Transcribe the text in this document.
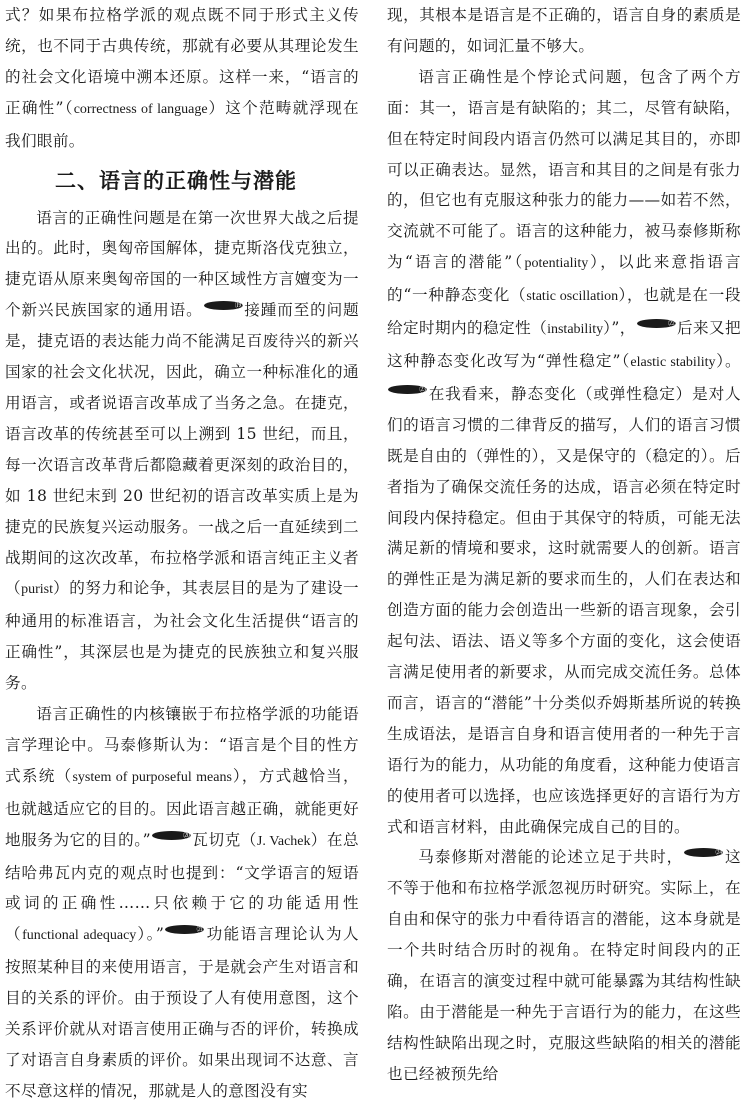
式？如果布拉格学派的观点既不同于形式主义传统，也不同于古典传统，那就有必要从其理论发生的社会文化语境中溯本还原。这样一来，“语言的正确性”（correctness of language）这个范畴就浮现在我们眼前。

二、语言的正确性与潜能

语言的正确性问题是在第一次世界大战之后提出的。此时，奥匈帝国解体，捷克斯洛伐克独立，捷克语从原来奥匈帝国的一种区域性方言嬗变为一个新兴民族国家的通用语。	⑲接踵而至的问题是，捷克语的表达能力尚不能满足百废待兴的新兴国家的社会文化状况，因此，确立一种标准化的通用语言，或者说语言改革成了当务之急。在捷克，语言改革的传统甚至可以上溯到 15 世纪，而且，每一次语言改革背后都隐藏着更深刻的政治目的，如 18 世纪末到 20 世纪初的语言改革实质上是为捷克的民族复兴运动服务。一战之后一直延续到二战期间的这次改革，布拉格学派和语言纯正主义者（purist）的努力和论争，其表层目的是为了建设一种通用的标准语言，为社会文化生活提供“语言的正确性”，其深层也是为捷克的民族独立和复兴服务。

语言正确性的内核镶嵌于布拉格学派的功能语言学理论中。马泰修斯认为：“语言是个目的性方式系统（system of purposeful means），方式越恰当，也就越适应它的目的。因此语言越正确，就能更好地服务为它的目的。”	⑳瓦切克（J. Vachek）在总结哈弗瓦内克的观点时也提到：“文学语言的短语或词的正确性……只依赖于它的功能适用性（functional adequacy）。”	$^㉑$功能语言理论认为人按照某种目的来使用语言，于是就会产生对语言和目的关系的评价。由于预设了人有使用意图，这个关系评价就从对语言使用正确与否的评价，转换成了对语言自身素质的评价。如果出现词不达意、言不尽意这样的情况，那就是人的意图没有实

现，其根本是语言是不正确的，语言自身的素质是有问题的，如词汇量不够大。

语言正确性是个悖论式问题，包含了两个方面：其一，语言是有缺陷的；其二，尽管有缺陷，但在特定时间段内语言仍然可以满足其目的，亦即可以正确表达。显然，语言和其目的之间是有张力的，但它也有克服这种张力的能力——如若不然，交流就不可能了。语言的这种能力，被马泰修斯称为“语言的潜能”（potentiality），以此来意指语言的“一种静态变化（static oscillation），也就是在一段给定时期内的稳定性（instability）”，	$^㉒$后来又把这种静态变化改写为“弹性稳定”（elastic stability）。$^㉓$在我看来，静态变化（或弹性稳定）是对人们的语言习惯的二律背反的描写，人们的语言习惯既是自由的（弹性的），又是保守的（稳定的）。后者指为了确保交流任务的达成，语言必须在特定时间段内保持稳定。但由于其保守的特质，可能无法满足新的情境和要求，这时就需要人的创新。语言的弹性正是为满足新的要求而生的，人们在表达和创造方面的能力会创造出一些新的语言现象，会引起句法、语法、语义等多个方面的变化，这会使语言满足使用者的新要求，从而完成交流任务。总体而言，语言的“潜能”十分类似乔姆斯基所说的转换生成语法，是语言自身和语言使用者的一种先于言语行为的能力，从功能的角度看，这种能力使语言的使用者可以选择，也应该选择更好的言语行为方式和语言材料，由此确保完成自己的目的。

马泰修斯对潜能的论述立足于共时，	$^㉔$这不等于他和布拉格学派忽视历时研究。实际上，在自由和保守的张力中看待语言的潜能，这本身就是一个共时结合历时的视角。在特定时间段内的正确，在语言的演变过程中就可能暴露为其结构性缺陷。由于潜能是一种先于言语行为的能力，在这些结构性缺陷出现之时，克服这些缺陷的相关的潜能也已经被预先给
